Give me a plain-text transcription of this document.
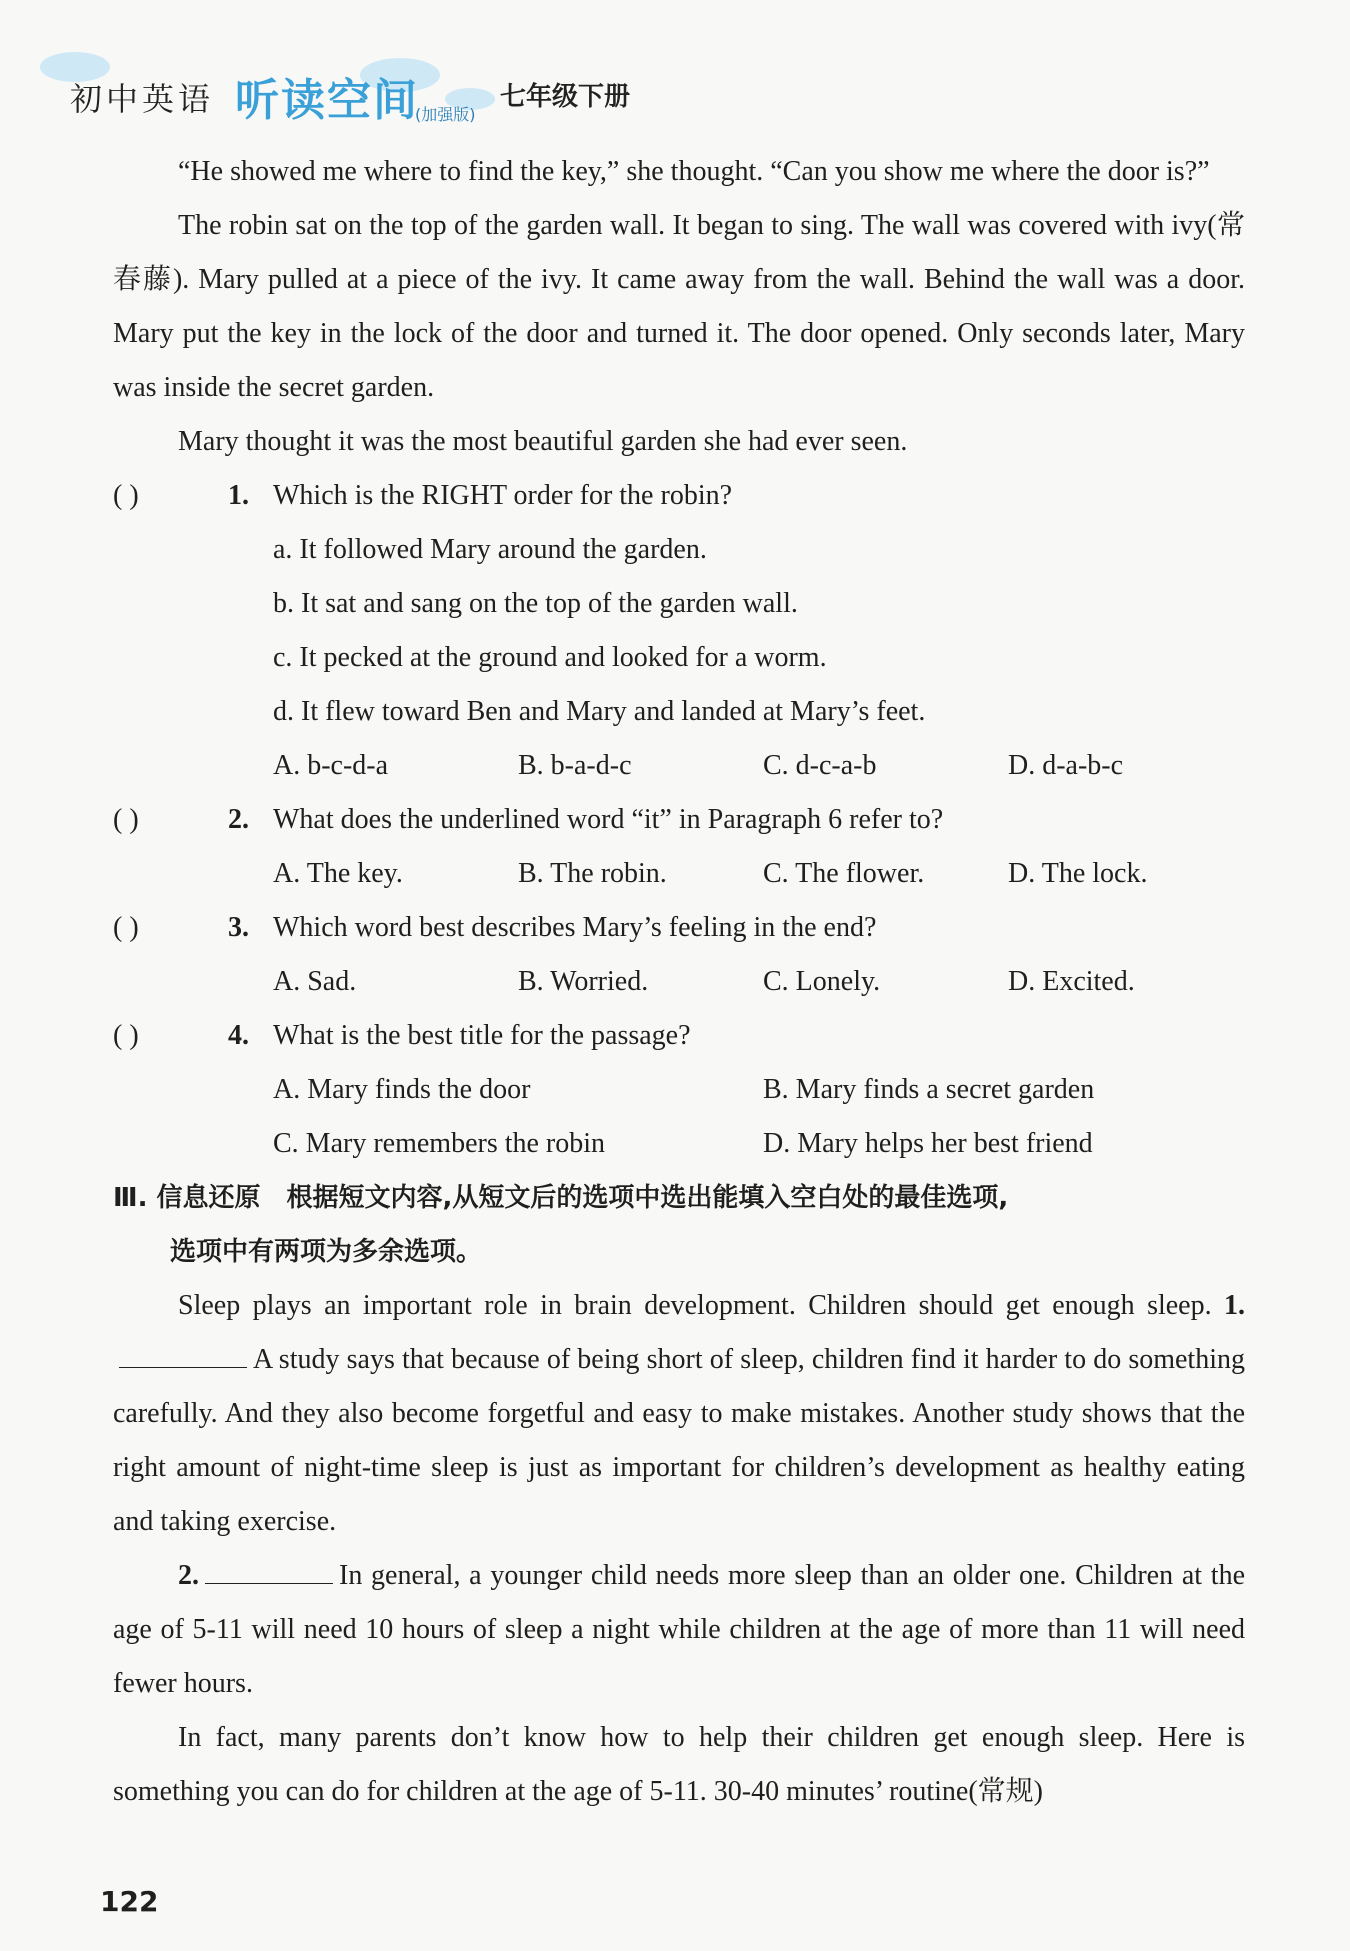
初中英语 听读空间
(加强版)
七年级下册

“He showed me where to find the key,” she thought. “Can you show me where the door is?”

The robin sat on the top of the garden wall. It began to sing. The wall was covered with ivy(常春藤). Mary pulled at a piece of the ivy. It came away from the wall. Behind the wall was a door. Mary put the key in the lock of the door and turned it. The door opened. Only seconds later, Mary was inside the secret garden.

Mary thought it was the most beautiful garden she had ever seen.

( )	1. Which is the RIGHT order for the robin?
a. It followed Mary around the garden.
b. It sat and sang on the top of the garden wall.
c. It pecked at the ground and looked for a worm.
d. It flew toward Ben and Mary and landed at Mary’s feet.
A. b-c-d-a	B. b-a-d-c	C. d-c-a-b	D. d-a-b-c
( )	2. What does the underlined word “it” in Paragraph 6 refer to?
A. The key.	B. The robin.	C. The flower.	D. The lock.
( )	3. Which word best describes Mary’s feeling in the end?
A. Sad.	B. Worried.	C. Lonely.	D. Excited.
( )	4. What is the best title for the passage?
A. Mary finds the door	B. Mary finds a secret garden
C. Mary remembers the robin	D. Mary helps her best friend
Ⅲ. 信息还原　根据短文内容,从短文后的选项中选出能填入空白处的最佳选项,
选项中有两项为多余选项。

Sleep plays an important role in brain development. Children should get enough sleep. 1.A study says that because of being short of sleep, children find it harder to do something carefully. And they also become forgetful and easy to make mistakes. Another study shows that the right amount of night-time sleep is just as important for children’s development as healthy eating and taking exercise.

2.	In general, a younger child needs more sleep than an older one. Children at the age of 5-11 will need 10 hours of sleep a night while children at the age of more than 11 will need fewer hours.

In fact, many parents don’t know how to help their children get enough sleep. Here is something you can do for children at the age of 5-11. 30-40 minutes’ routine(常规)

122
